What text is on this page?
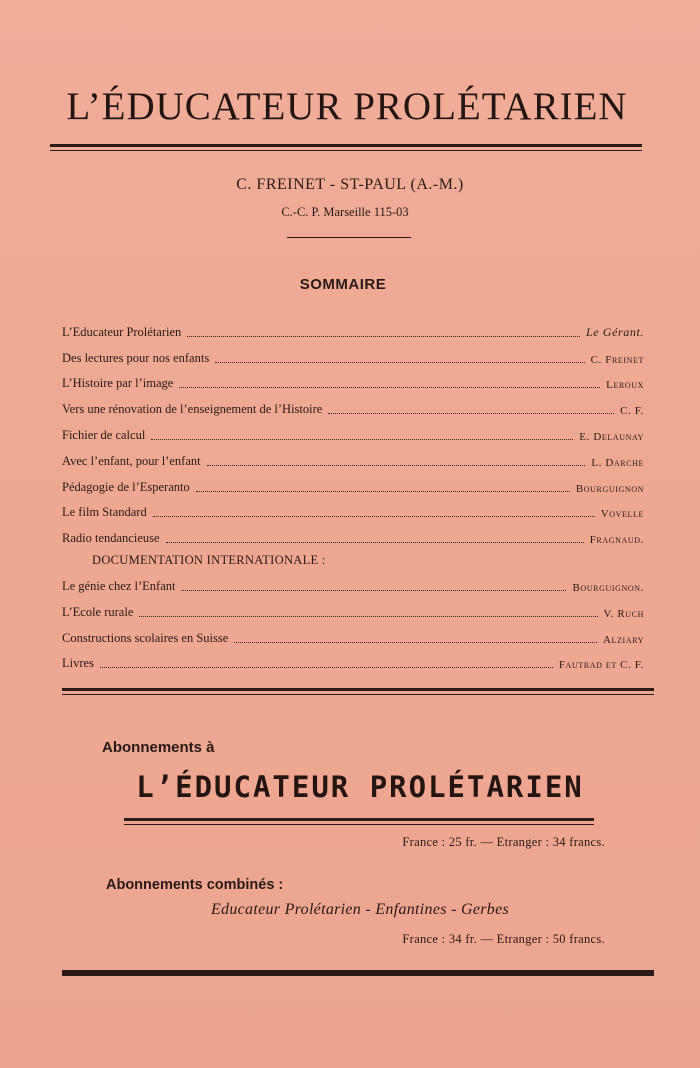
L’ÉDUCATEUR PROLÉTARIEN
C. FREINET - ST-PAUL (A.-M.)
C.-C. P. Marseille 115-03
SOMMAIRE
L’Educateur Prolétarien	Le Gérant.
Des lectures pour nos enfants	C. Freinet
L’Histoire par l’image	Leroux
Vers une rénovation de l’enseignement de l’Histoire	C. F.
Fichier de calcul	E. Delaunay
Avec l’enfant, pour l’enfant	L. Darche
Pédagogie de l’Esperanto	Bourguignon
Le film Standard	Vovelle
Radio tendancieuse	Fragnaud.
DOCUMENTATION INTERNATIONALE :
Le génie chez l’Enfant	Bourguignon.
L’Ecole rurale	V. Ruch
Constructions scolaires en Suisse	Alziary
Livres	Fautrad et C. F.
Abonnements à
L’ÉDUCATEUR PROLÉTARIEN
France : 25 fr. — Etranger : 34 francs.
Abonnements combinés :
Educateur Prolétarien - Enfantines - Gerbes
France : 34 fr. — Etranger : 50 francs.
